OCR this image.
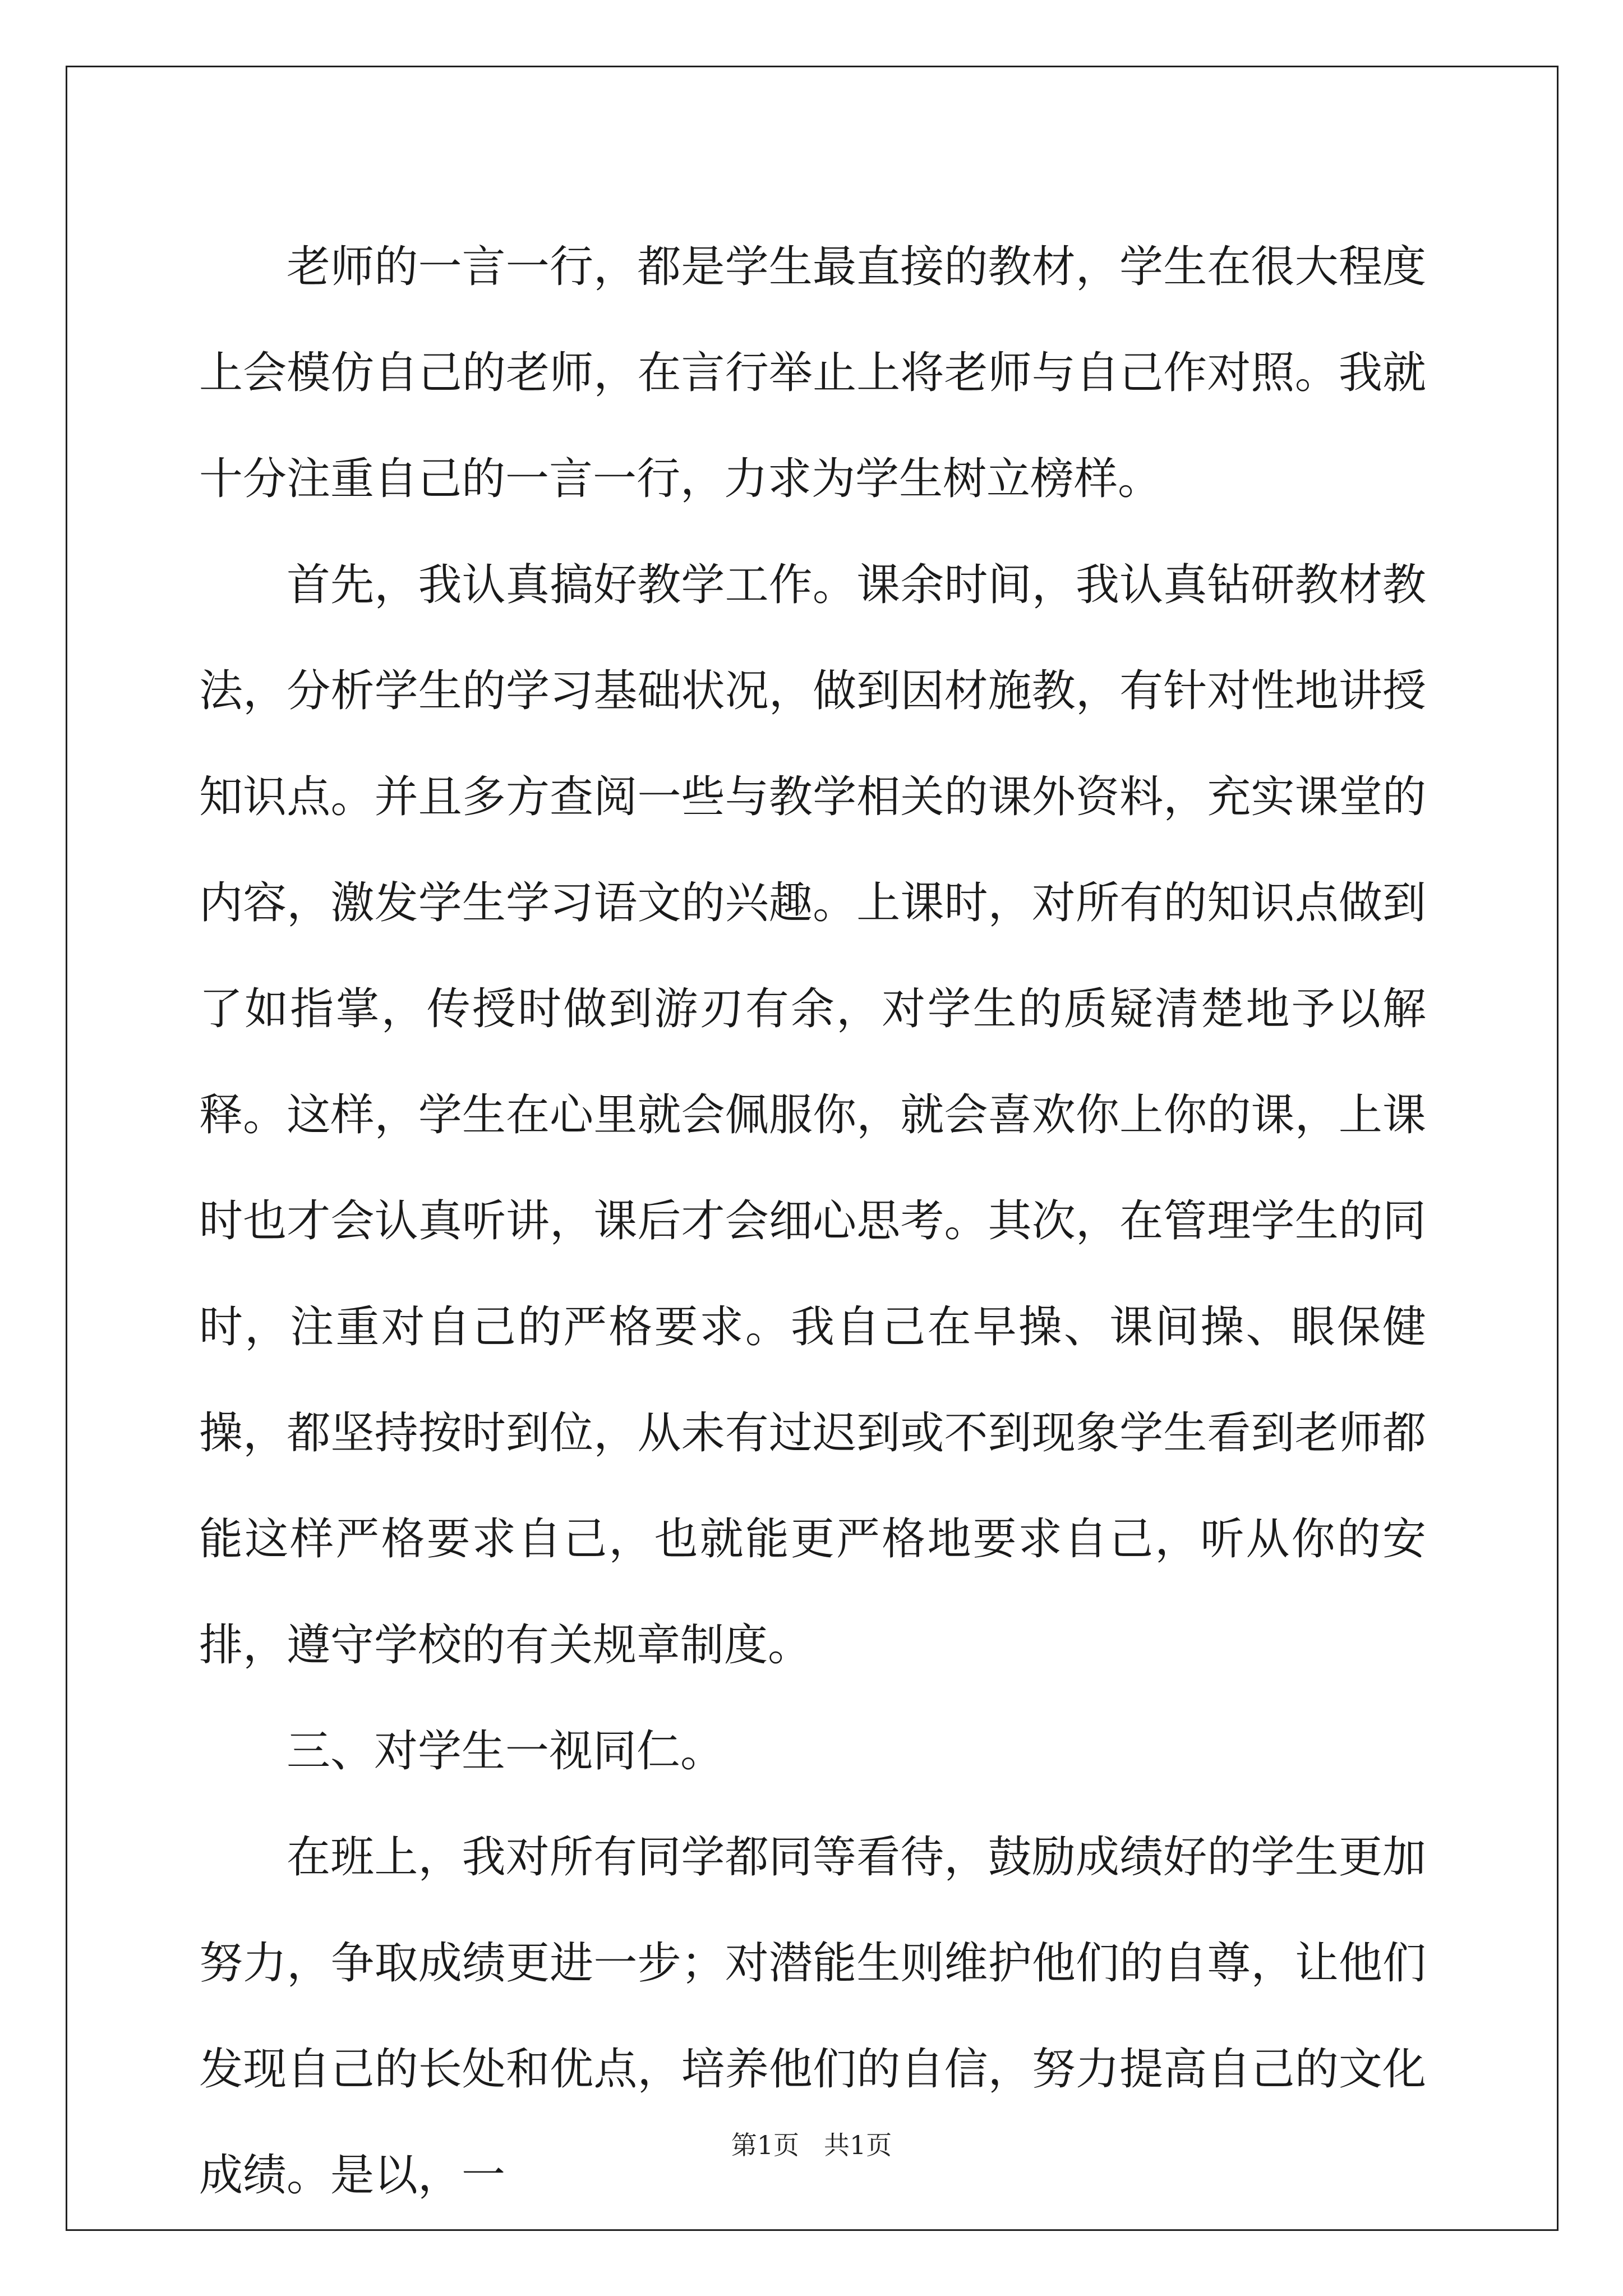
老师的一言一行，都是学生最直接的教材，学生在很大程度上会模仿自己的老师，在言行举止上将老师与自己作对照。我就十分注重自己的一言一行，力求为学生树立榜样。

首先，我认真搞好教学工作。课余时间，我认真钻研教材教法，分析学生的学习基础状况，做到因材施教，有针对性地讲授知识点。并且多方查阅一些与教学相关的课外资料，充实课堂的内容，激发学生学习语文的兴趣。上课时，对所有的知识点做到了如指掌，传授时做到游刃有余，对学生的质疑清楚地予以解释。这样，学生在心里就会佩服你，就会喜欢你上你的课，上课时也才会认真听讲，课后才会细心思考。其次，在管理学生的同时，注重对自己的严格要求。我自己在早操、课间操、眼保健操，都坚持按时到位，从未有过迟到或不到现象学生看到老师都能这样严格要求自己，也就能更严格地要求自己，听从你的安排，遵守学校的有关规章制度。

三、对学生一视同仁。

在班上，我对所有同学都同等看待，鼓励成绩好的学生更加努力，争取成绩更进一步；对潜能生则维护他们的自尊，让他们发现自己的长处和优点，培养他们的自信，努力提高自己的文化成绩。是以，一

第1页 共1页
